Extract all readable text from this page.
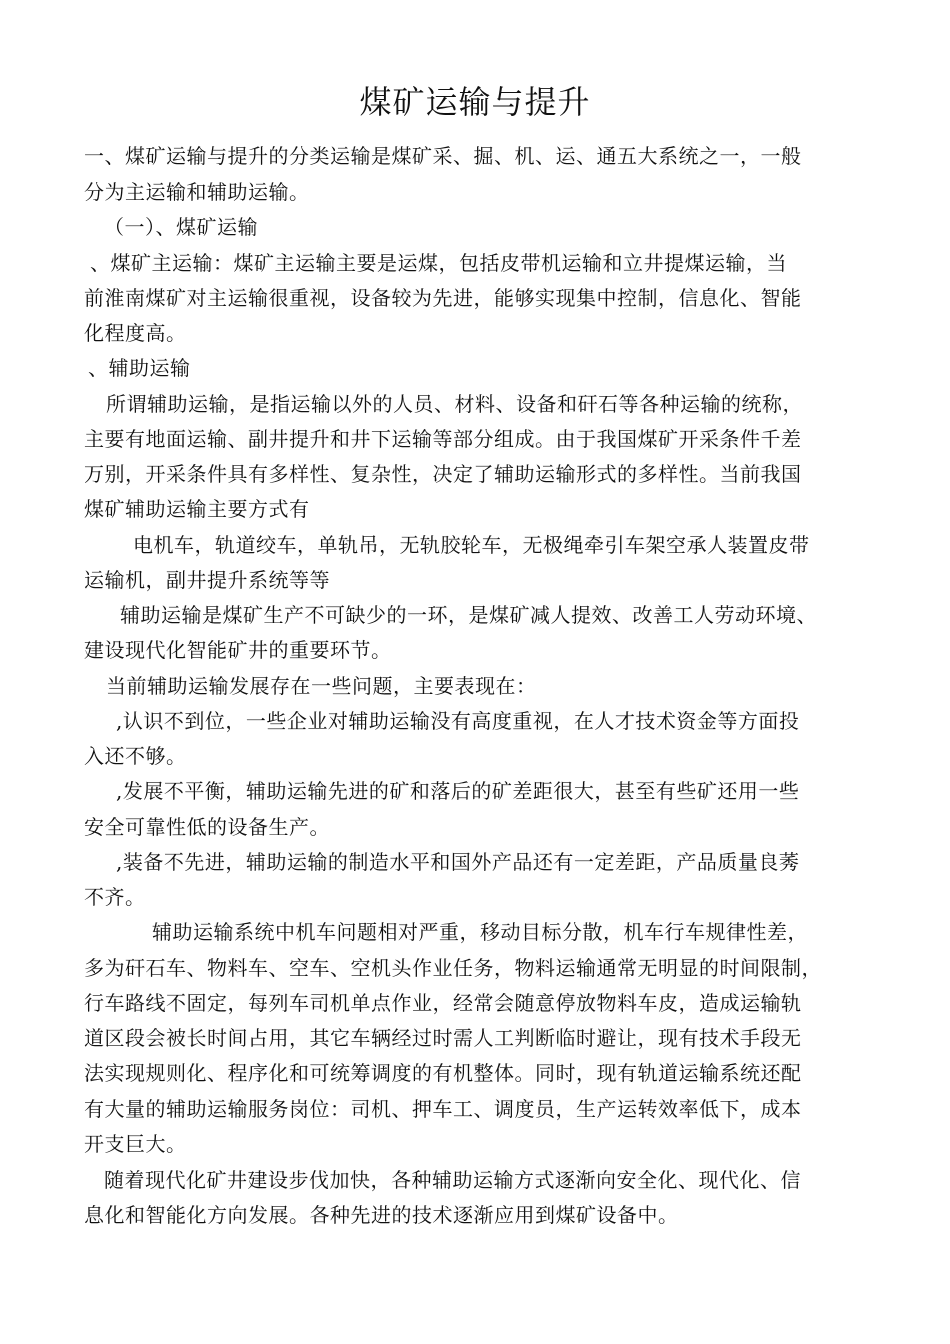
煤矿运输与提升
一、煤矿运输与提升的分类运输是煤矿采、掘、机、运、通五大系统之一，一般
分为主运输和辅助运输。
（一）、煤矿运输
、煤矿主运输：煤矿主运输主要是运煤，包括皮带机运输和立井提煤运输，当
前淮南煤矿对主运输很重视，设备较为先进，能够实现集中控制，信息化、智能
化程度高。
、辅助运输
所谓辅助运输，是指运输以外的人员、材料、设备和矸石等各种运输的统称，
主要有地面运输、副井提升和井下运输等部分组成。由于我国煤矿开采条件千差
万别，开采条件具有多样性、复杂性，决定了辅助运输形式的多样性。当前我国
煤矿辅助运输主要方式有
电机车，轨道绞车，单轨吊，无轨胶轮车，无极绳牵引车架空承人装置皮带
运输机，副井提升系统等等
辅助运输是煤矿生产不可缺少的一环，是煤矿减人提效、改善工人劳动环境、
建设现代化智能矿井的重要环节。
当前辅助运输发展存在一些问题，主要表现在：
,认识不到位，一些企业对辅助运输没有高度重视，在人才技术资金等方面投
入还不够。
,发展不平衡，辅助运输先进的矿和落后的矿差距很大，甚至有些矿还用一些
安全可靠性低的设备生产。
,装备不先进，辅助运输的制造水平和国外产品还有一定差距，产品质量良莠
不齐。
辅助运输系统中机车问题相对严重，移动目标分散，机车行车规律性差，
多为矸石车、物料车、空车、空机头作业任务，物料运输通常无明显的时间限制，
行车路线不固定，每列车司机单点作业，经常会随意停放物料车皮，造成运输轨
道区段会被长时间占用，其它车辆经过时需人工判断临时避让，现有技术手段无
法实现规则化、程序化和可统筹调度的有机整体。同时，现有轨道运输系统还配
有大量的辅助运输服务岗位：司机、押车工、调度员，生产运转效率低下，成本
开支巨大。
随着现代化矿井建设步伐加快，各种辅助运输方式逐渐向安全化、现代化、信
息化和智能化方向发展。各种先进的技术逐渐应用到煤矿设备中。
